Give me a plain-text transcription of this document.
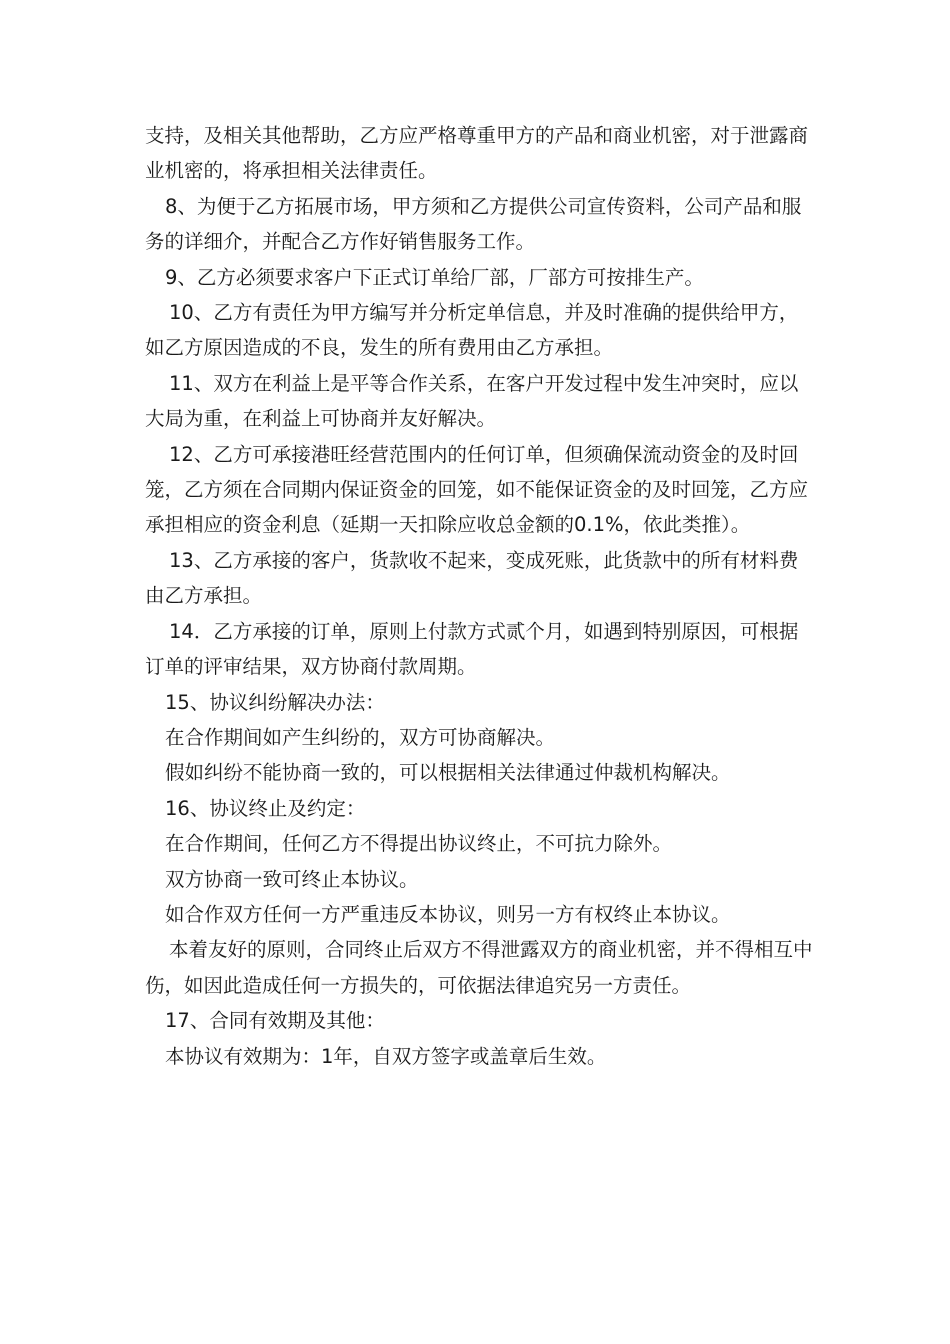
支持，及相关其他帮助，乙方应严格尊重甲方的产品和商业机密，对于泄露商业机密的，将承担相关法律责任。

8、为便于乙方拓展市场，甲方须和乙方提供公司宣传资料，公司产品和服务的详细介，并配合乙方作好销售服务工作。

9、乙方必须要求客户下正式订单给厂部，厂部方可按排生产。

10、乙方有责任为甲方编写并分析定单信息，并及时准确的提供给甲方，如乙方原因造成的不良，发生的所有费用由乙方承担。

11、双方在利益上是平等合作关系，在客户开发过程中发生冲突时，应以大局为重，在利益上可协商并友好解决。

12、乙方可承接港旺经营范围内的任何订单，但须确保流动资金的及时回笼，乙方须在合同期内保证资金的回笼，如不能保证资金的及时回笼，乙方应承担相应的资金利息（延期一天扣除应收总金额的0.1%，依此类推）。

13、乙方承接的客户，货款收不起来，变成死账，此货款中的所有材料费由乙方承担。

14．乙方承接的订单，原则上付款方式贰个月，如遇到特别原因，可根据订单的评审结果，双方协商付款周期。

15、协议纠纷解决办法：

在合作期间如产生纠纷的，双方可协商解决。

假如纠纷不能协商一致的，可以根据相关法律通过仲裁机构解决。

16、协议终止及约定：

在合作期间，任何乙方不得提出协议终止，不可抗力除外。

双方协商一致可终止本协议。

如合作双方任何一方严重违反本协议，则另一方有权终止本协议。

本着友好的原则，合同终止后双方不得泄露双方的商业机密，并不得相互中伤，如因此造成任何一方损失的，可依据法律追究另一方责任。

17、合同有效期及其他：

本协议有效期为：1年，自双方签字或盖章后生效。
